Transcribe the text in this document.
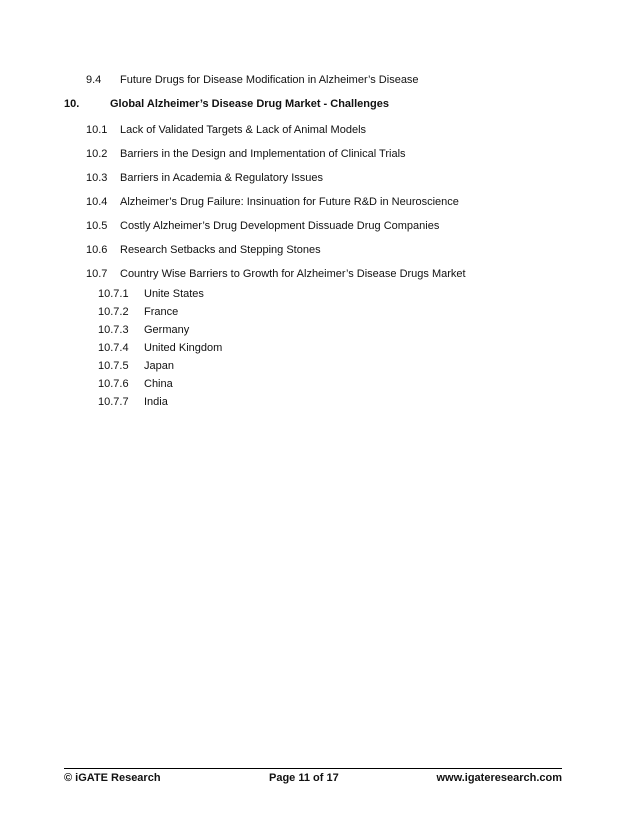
9.4 Future Drugs for Disease Modification in Alzheimer’s Disease
10.	Global Alzheimer’s Disease Drug Market - Challenges
10.1 Lack of Validated Targets & Lack of Animal Models
10.2 Barriers in the Design and Implementation of Clinical Trials
10.3 Barriers in Academia & Regulatory Issues
10.4 Alzheimer’s Drug Failure: Insinuation for Future R&D in Neuroscience
10.5 Costly Alzheimer’s Drug Development Dissuade Drug Companies
10.6 Research Setbacks and Stepping Stones
10.7 Country Wise Barriers to Growth for Alzheimer’s Disease Drugs Market
10.7.1 Unite States
10.7.2 France
10.7.3 Germany
10.7.4 United Kingdom
10.7.5 Japan
10.7.6 China
10.7.7 India
© iGATE Research	Page 11 of 17	www.igateresearch.com
